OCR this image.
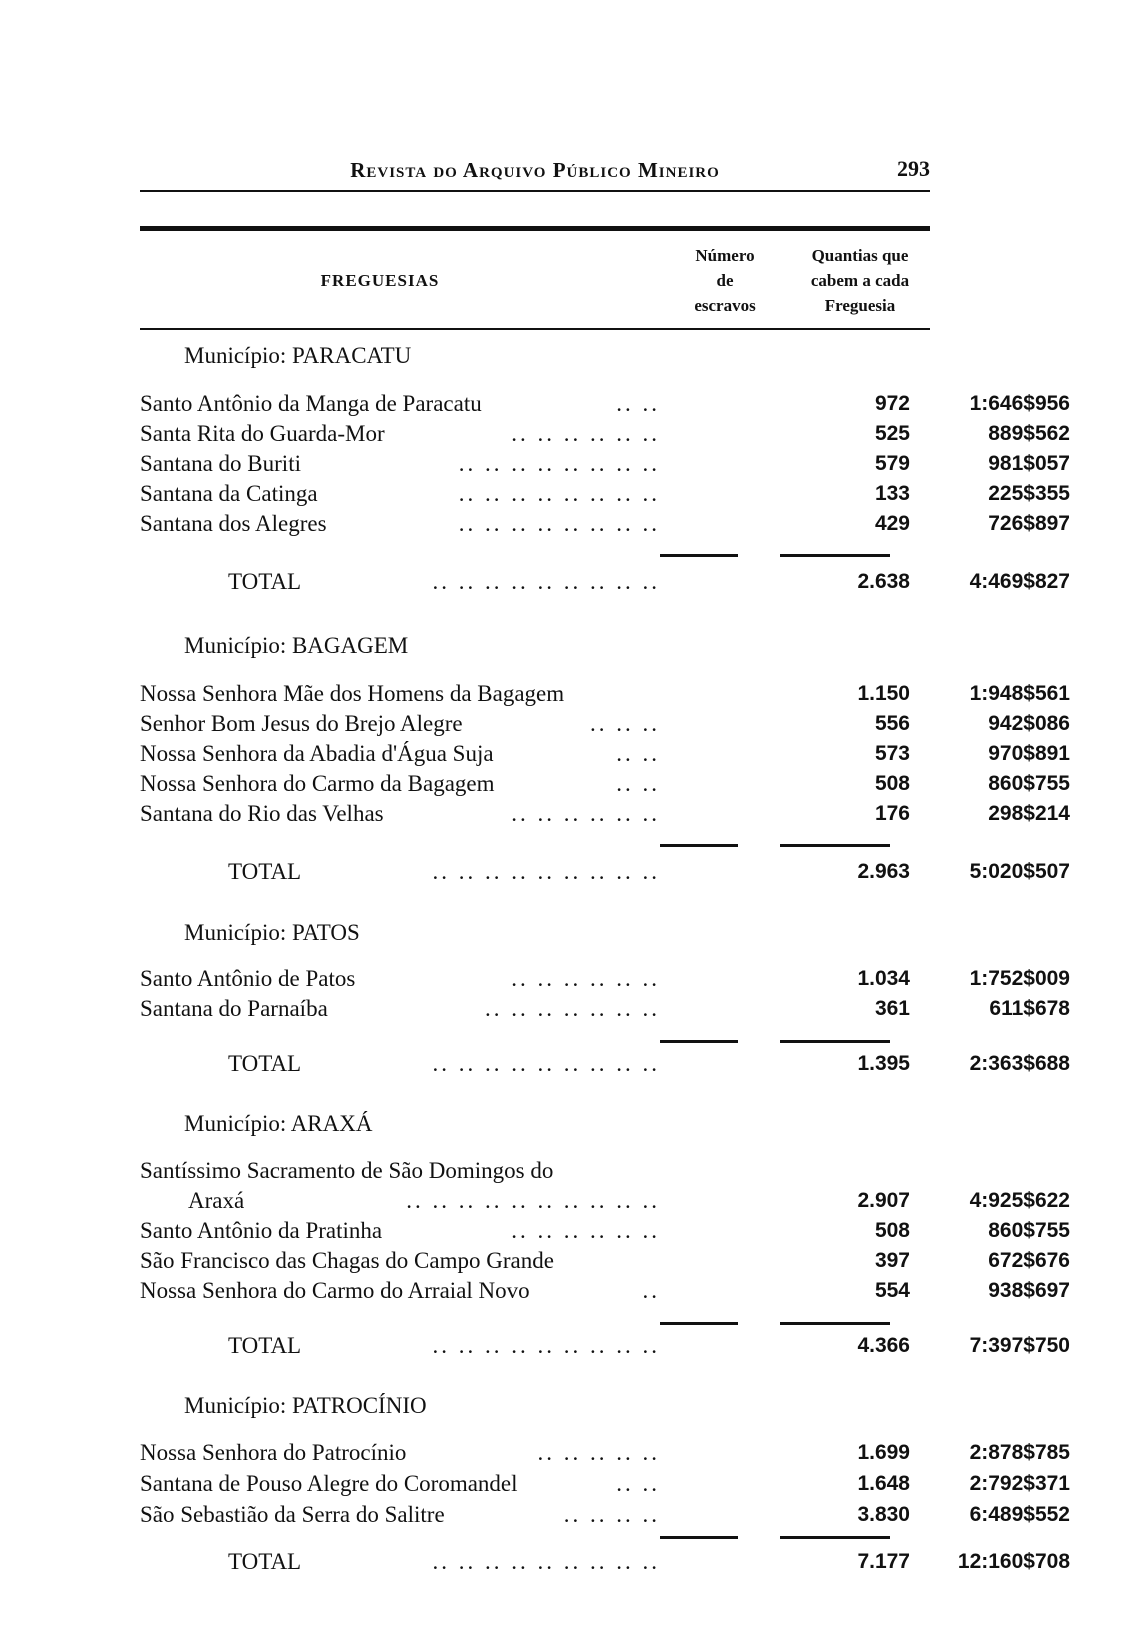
Revista do Arquivo Público Mineiro	293
FREGUESIAS
Número
de
escravos
Quantias que
cabem a cada
Freguesia
Município: PARACATU
Santo Antônio da Manga de Paracatu	.. ..	972	1:646$956
Santa Rita do Guarda-Mor	.. .. .. .. .. ..	525	889$562
Santana do Buriti	.. .. .. .. .. .. .. ..	579	981$057
Santana da Catinga	.. .. .. .. .. .. .. ..	133	225$355
Santana dos Alegres	.. .. .. .. .. .. .. ..	429	726$897
TOTAL	.. .. .. .. .. .. .. .. ..	2.638	4:469$827
Município: BAGAGEM
Nossa Senhora Mãe dos Homens da Bagagem	1.150	1:948$561
Senhor Bom Jesus do Brejo Alegre	.. .. ..	556	942$086
Nossa Senhora da Abadia d'Água Suja	.. ..	573	970$891
Nossa Senhora do Carmo da Bagagem	.. ..	508	860$755
Santana do Rio das Velhas	.. .. .. .. .. ..	176	298$214
TOTAL	.. .. .. .. .. .. .. .. ..	2.963	5:020$507
Município: PATOS
Santo Antônio de Patos	.. .. .. .. .. ..	1.034	1:752$009
Santana do Parnaíba	.. .. .. .. .. .. ..	361	611$678
TOTAL	.. .. .. .. .. .. .. .. ..	1.395	2:363$688
Município: ARAXÁ
Santíssimo Sacramento de São Domingos do
Araxá	.. .. .. .. .. .. .. .. .. ..	2.907	4:925$622
Santo Antônio da Pratinha	.. .. .. .. .. ..	508	860$755
São Francisco das Chagas do Campo Grande	397	672$676
Nossa Senhora do Carmo do Arraial Novo	..	554	938$697
TOTAL	.. .. .. .. .. .. .. .. ..	4.366	7:397$750
Município: PATROCÍNIO
Nossa Senhora do Patrocínio	.. .. .. .. ..	1.699	2:878$785
Santana de Pouso Alegre do Coromandel	.. ..	1.648	2:792$371
São Sebastião da Serra do Salitre	.. .. .. ..	3.830	6:489$552
TOTAL	.. .. .. .. .. .. .. .. ..	7.177	12:160$708
